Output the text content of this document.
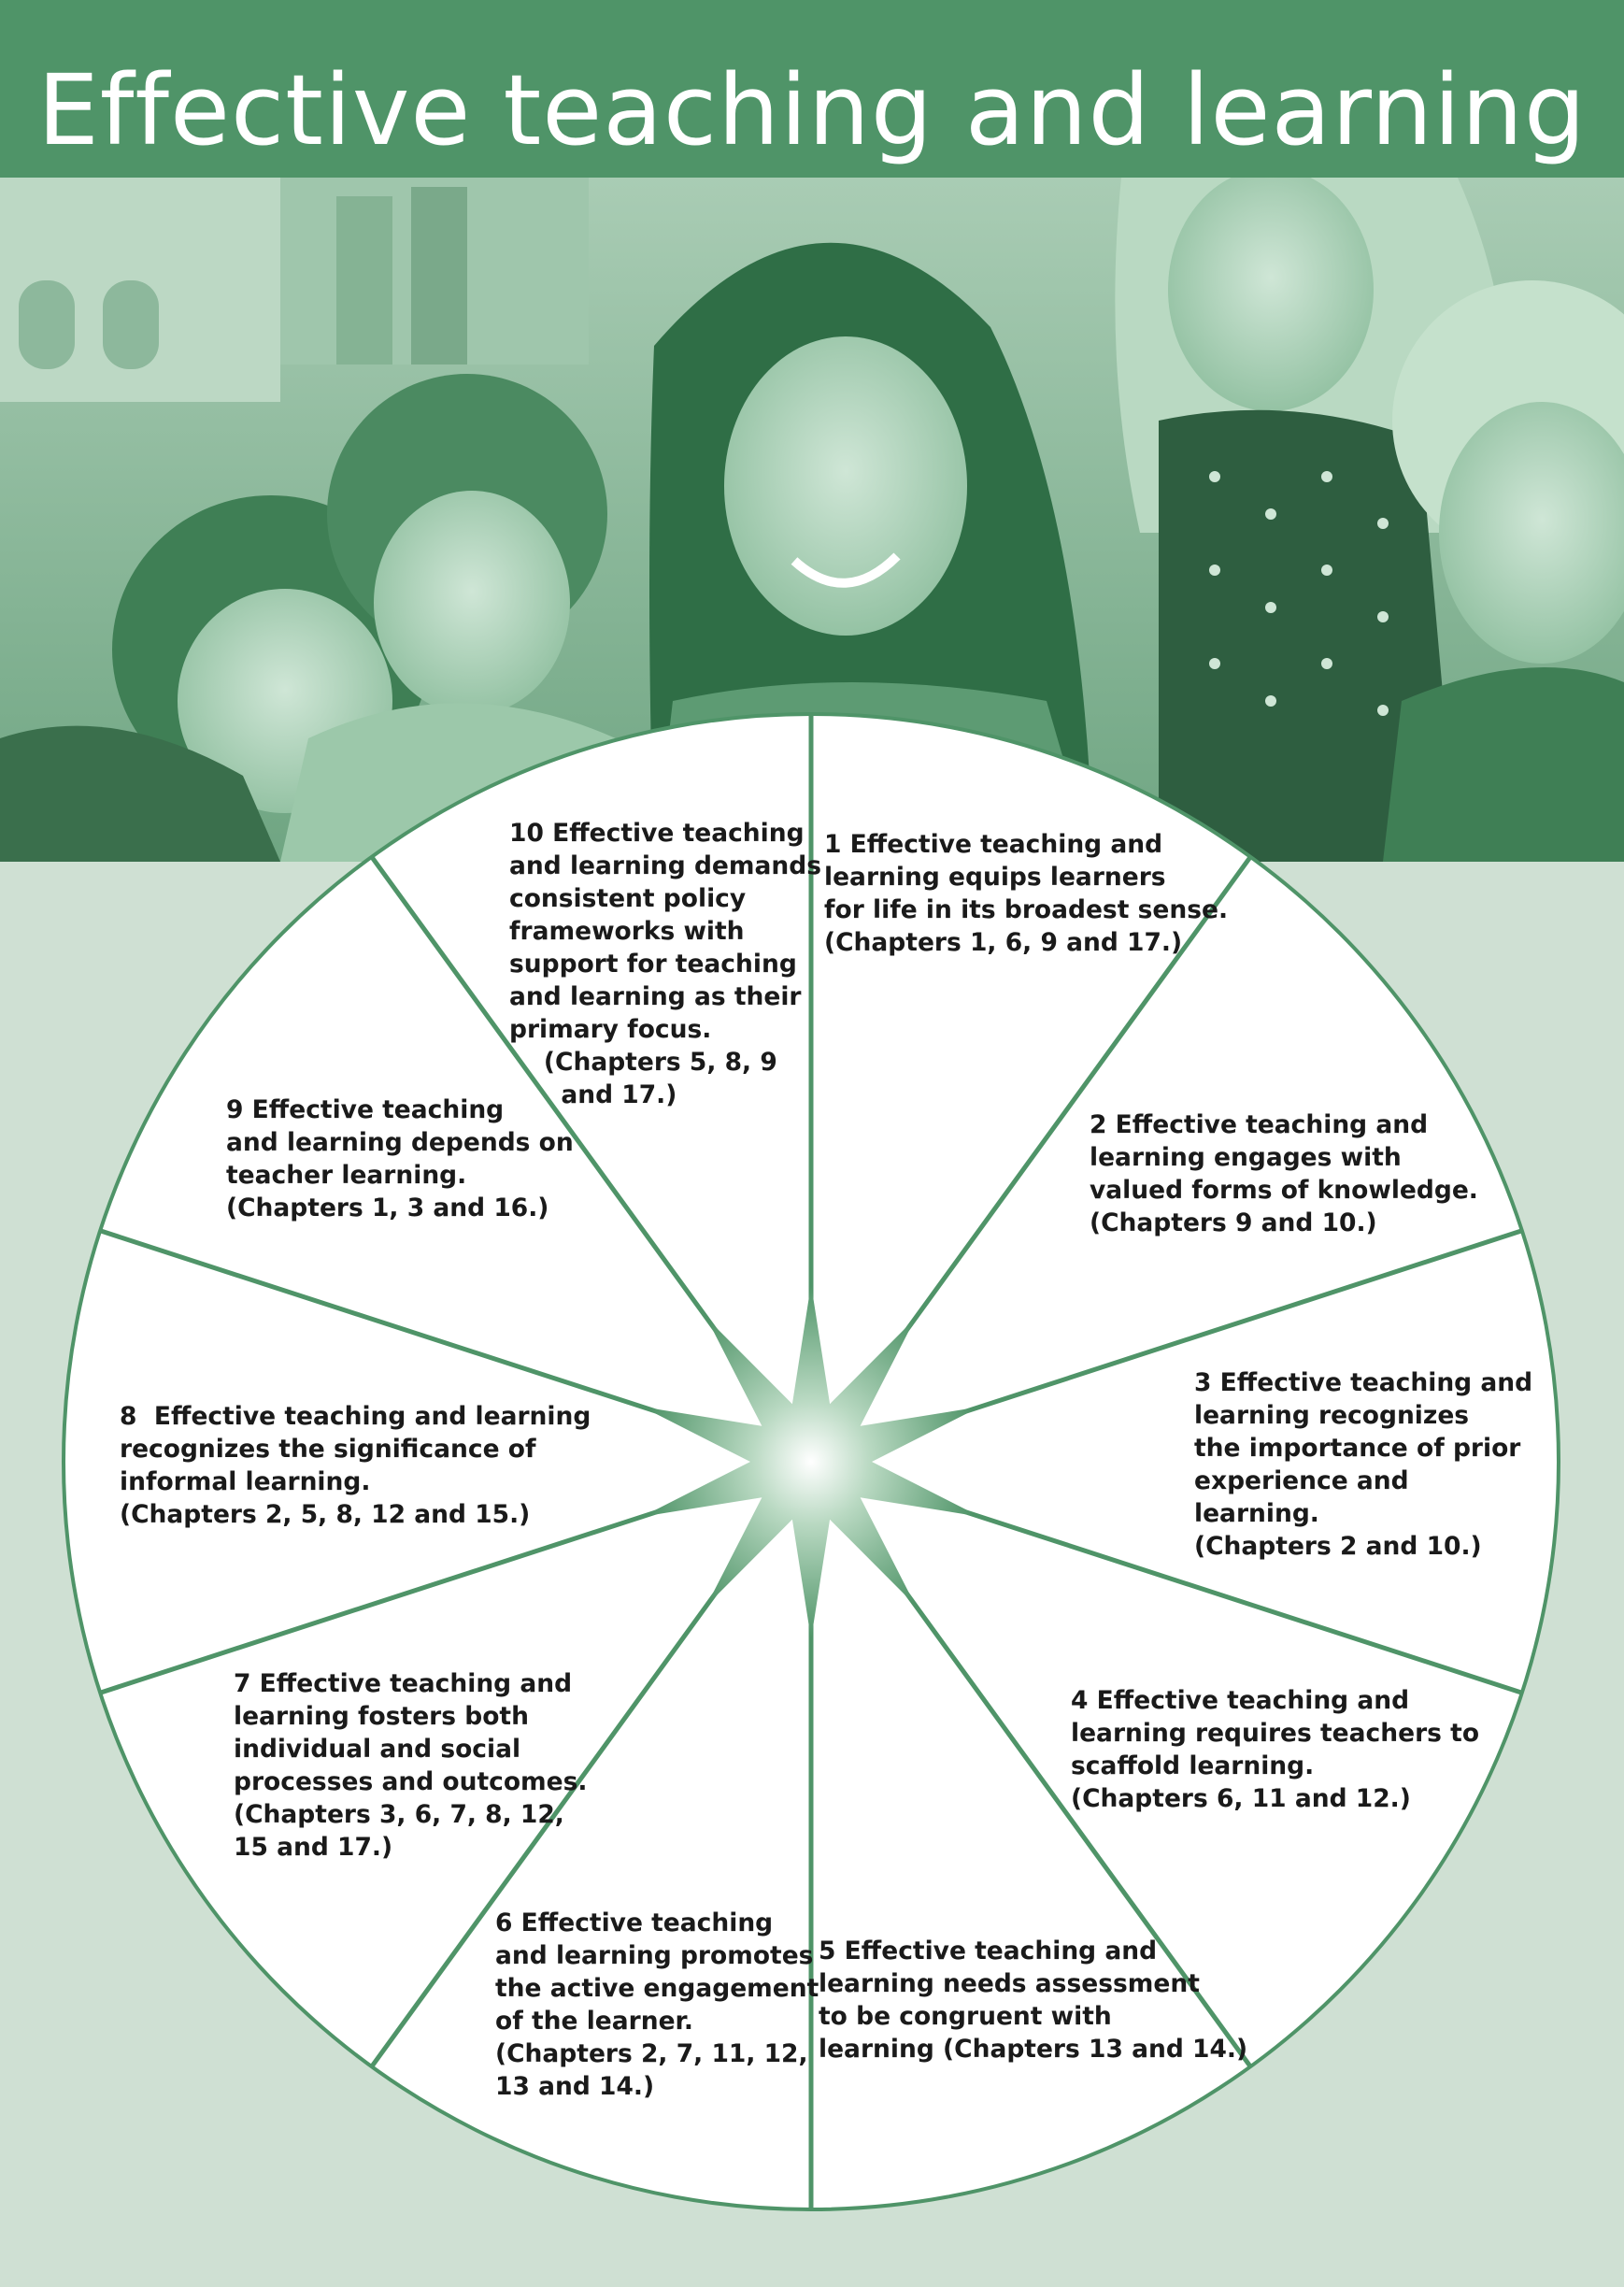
Effective teaching and learning
1 Effective teaching and
learning equips learners
for life in its broadest sense.
(Chapters 1, 6, 9 and 17.)
2 Effective teaching and
learning engages with
valued forms of knowledge.
(Chapters 9 and 10.)
3 Effective teaching and
learning recognizes
the importance of prior
experience and
learning.
(Chapters 2 and 10.)
4 Effective teaching and
learning requires teachers to
scaffold learning.
(Chapters 6, 11 and 12.)
5 Effective teaching and
learning needs assessment
to be congruent with
learning (Chapters 13 and 14.)
6 Effective teaching
and learning promotes
the active engagement
of the learner.
(Chapters 2, 7, 11, 12,
13 and 14.)
7 Effective teaching and
learning fosters both
individual and social
processes and outcomes.
(Chapters 3, 6, 7, 8, 12,
15 and 17.)
8  Effective teaching and learning
recognizes the significance of
informal learning.
(Chapters 2, 5, 8, 12 and 15.)
9 Effective teaching
and learning depends on
teacher learning.
(Chapters 1, 3 and 16.)
10 Effective teaching
and learning demands
consistent policy
frameworks with
support for teaching
and learning as their
primary focus.
(Chapters 5, 8, 9
and 17.)
